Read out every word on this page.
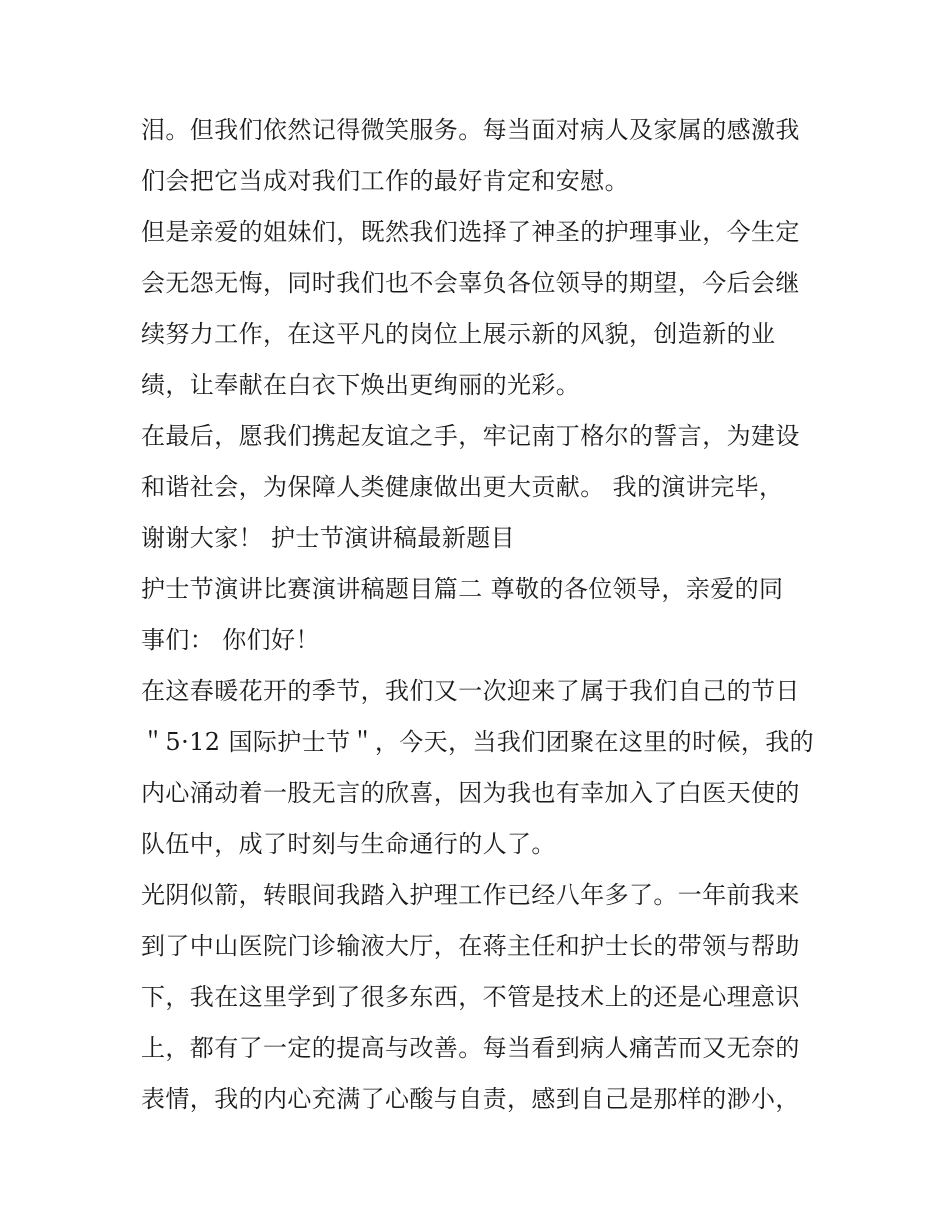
泪。但我们依然记得微笑服务。每当面对病人及家属的感激我
们会把它当成对我们工作的最好肯定和安慰。
但是亲爱的姐妹们，既然我们选择了神圣的护理事业，今生定
会无怨无悔，同时我们也不会辜负各位领导的期望，今后会继
续努力工作，在这平凡的岗位上展示新的风貌，创造新的业
绩，让奉献在白衣下焕出更绚丽的光彩。
在最后，愿我们携起友谊之手，牢记南丁格尔的誓言，为建设
和谐社会，为保障人类健康做出更大贡献。 我的演讲完毕，
谢谢大家！ 护士节演讲稿最新题目
护士节演讲比赛演讲稿题目篇二 尊敬的各位领导，亲爱的同
事们： 你们好！
在这春暖花开的季节，我们又一次迎来了属于我们自己的节日
＂5·12 国际护士节＂，今天，当我们团聚在这里的时候，我的
内心涌动着一股无言的欣喜，因为我也有幸加入了白医天使的
队伍中，成了时刻与生命通行的人了。
光阴似箭，转眼间我踏入护理工作已经八年多了。一年前我来
到了中山医院门诊输液大厅，在蒋主任和护士长的带领与帮助
下，我在这里学到了很多东西，不管是技术上的还是心理意识
上，都有了一定的提高与改善。每当看到病人痛苦而又无奈的
表情，我的内心充满了心酸与自责，感到自己是那样的渺小，
